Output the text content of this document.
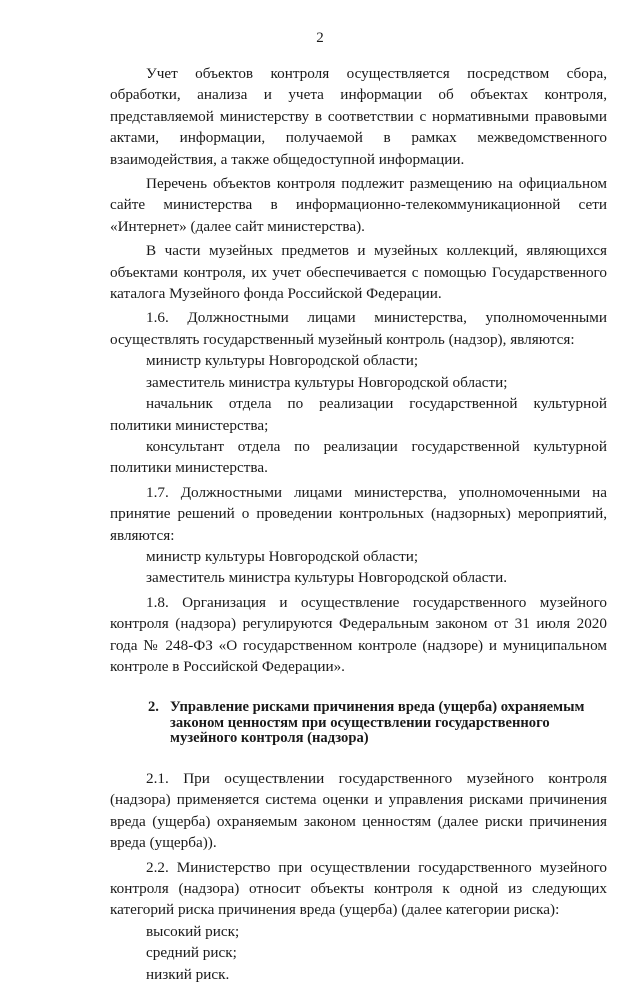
2

Учет объектов контроля осуществляется посредством сбора, обработки, анализа и учета информации об объектах контроля, представляемой министерству в соответствии с нормативными правовыми актами, информации, получаемой в рамках межведомственного взаимодействия, а также общедоступной информации.

Перечень объектов контроля подлежит размещению на официальном сайте министерства в информационно-телекоммуникационной сети «Интернет» (далее сайт министерства).

В части музейных предметов и музейных коллекций, являющихся объектами контроля, их учет обеспечивается с помощью Государственного каталога Музейного фонда Российской Федерации.

1.6. Должностными лицами министерства, уполномоченными осуществлять государственный музейный контроль (надзор), являются:

министр культуры Новгородской области;

заместитель министра культуры Новгородской области;

начальник отдела по реализации государственной культурной политики министерства;

консультант отдела по реализации государственной культурной политики министерства.

1.7. Должностными лицами министерства, уполномоченными на принятие решений о проведении контрольных (надзорных) мероприятий, являются:

министр культуры Новгородской области;

заместитель министра культуры Новгородской области.

1.8. Организация и осуществление государственного музейного контроля (надзора) регулируются Федеральным законом от 31 июля 2020 года № 248-ФЗ «О государственном контроле (надзоре) и муниципальном контроле в Российской Федерации».

2. Управление рисками причинения вреда (ущерба) охраняемым
законом ценностям при осуществлении государственного музейного контроля (надзора)

2.1. При осуществлении государственного музейного контроля (надзора) применяется система оценки и управления рисками причинения вреда (ущерба) охраняемым законом ценностям (далее риски причинения вреда (ущерба)).

2.2. Министерство при осуществлении государственного музейного контроля (надзора) относит объекты контроля к одной из следующих категорий риска причинения вреда (ущерба) (далее категории риска):

высокий риск;

средний риск;

низкий риск.
